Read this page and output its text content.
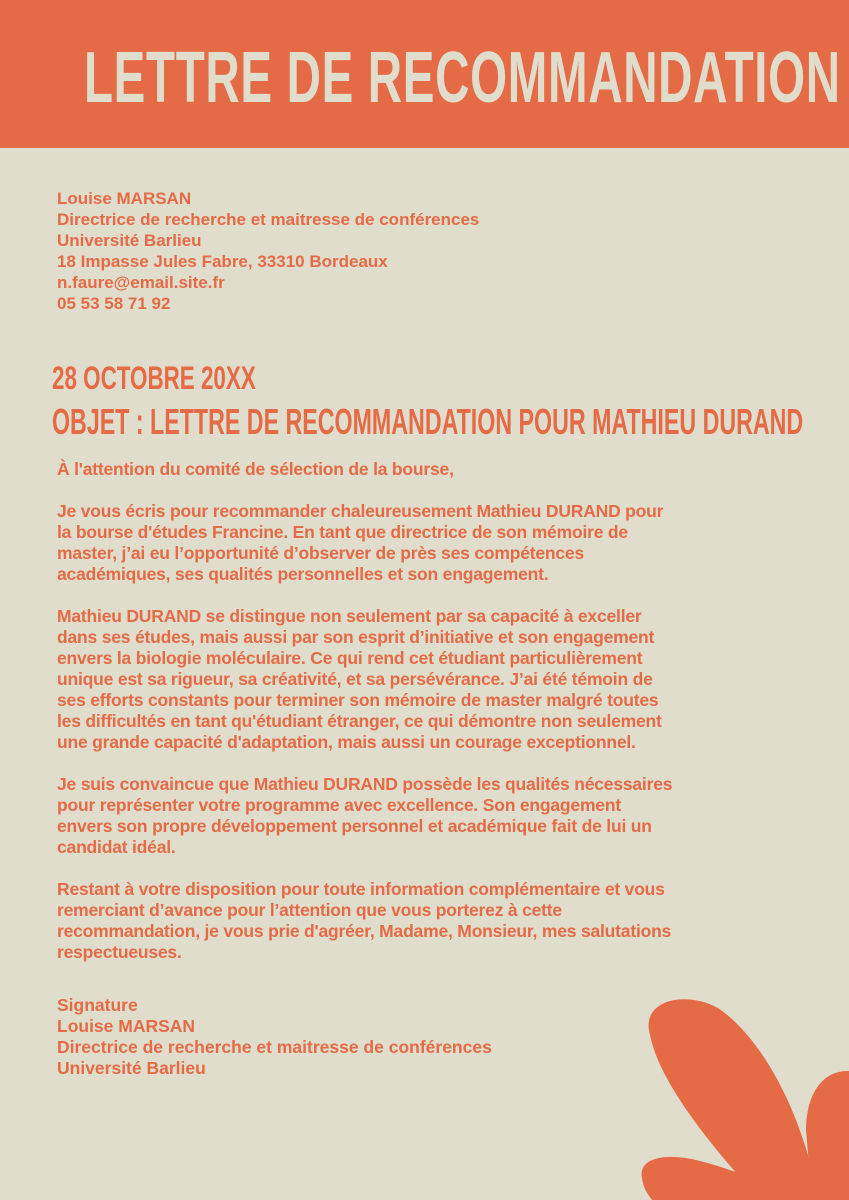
LETTRE DE RECOMMANDATION
Louise MARSAN
Directrice de recherche et maitresse de conférences
Université Barlieu
18 Impasse Jules Fabre, 33310 Bordeaux
n.faure@email.site.fr
05 53 58 71 92
28 OCTOBRE 20XX
OBJET : LETTRE DE RECOMMANDATION POUR MATHIEU DURAND

À l'attention du comité de sélection de la bourse,

Je vous écris pour recommander chaleureusement Mathieu DURAND pour
la bourse d'études Francine. En tant que directrice de son mémoire de
master, j’ai eu l’opportunité d’observer de près ses compétences
académiques, ses qualités personnelles et son engagement.

Mathieu DURAND se distingue non seulement par sa capacité à exceller
dans ses études, mais aussi par son esprit d’initiative et son engagement
envers la biologie moléculaire. Ce qui rend cet étudiant particulièrement
unique est sa rigueur, sa créativité, et sa persévérance. J’ai été témoin de
ses efforts constants pour terminer son mémoire de master malgré toutes
les difficultés en tant qu'étudiant étranger, ce qui démontre non seulement
une grande capacité d'adaptation, mais aussi un courage exceptionnel.

Je suis convaincue que Mathieu DURAND possède les qualités nécessaires
pour représenter votre programme avec excellence. Son engagement
envers son propre développement personnel et académique fait de lui un
candidat idéal.

Restant à votre disposition pour toute information complémentaire et vous
remerciant d’avance pour l’attention que vous porterez à cette
recommandation, je vous prie d'agréer, Madame, Monsieur, mes salutations
respectueuses.

Signature
Louise MARSAN
Directrice de recherche et maitresse de conférences
Université Barlieu
